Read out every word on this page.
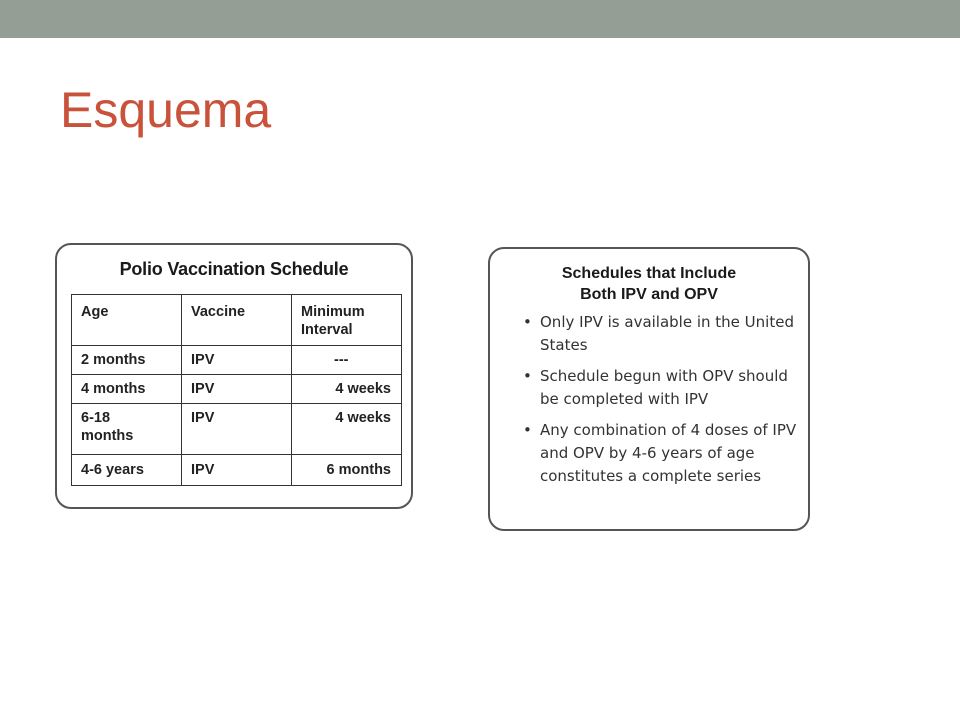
Esquema
Polio Vaccination Schedule
Age	Vaccine	Minimum Interval

2 months	IPV	---
4 months	IPV	4 weeks

6-18 months	IPV	4 weeks
4-6 years	IPV	6 months
Schedules that Include
Both IPV and OPV
• Only IPV is available in the United States
• Schedule begun with OPV should be completed with IPV
• Any combination of 4 doses of IPV and OPV by 4-6 years of age constitutes a complete series
